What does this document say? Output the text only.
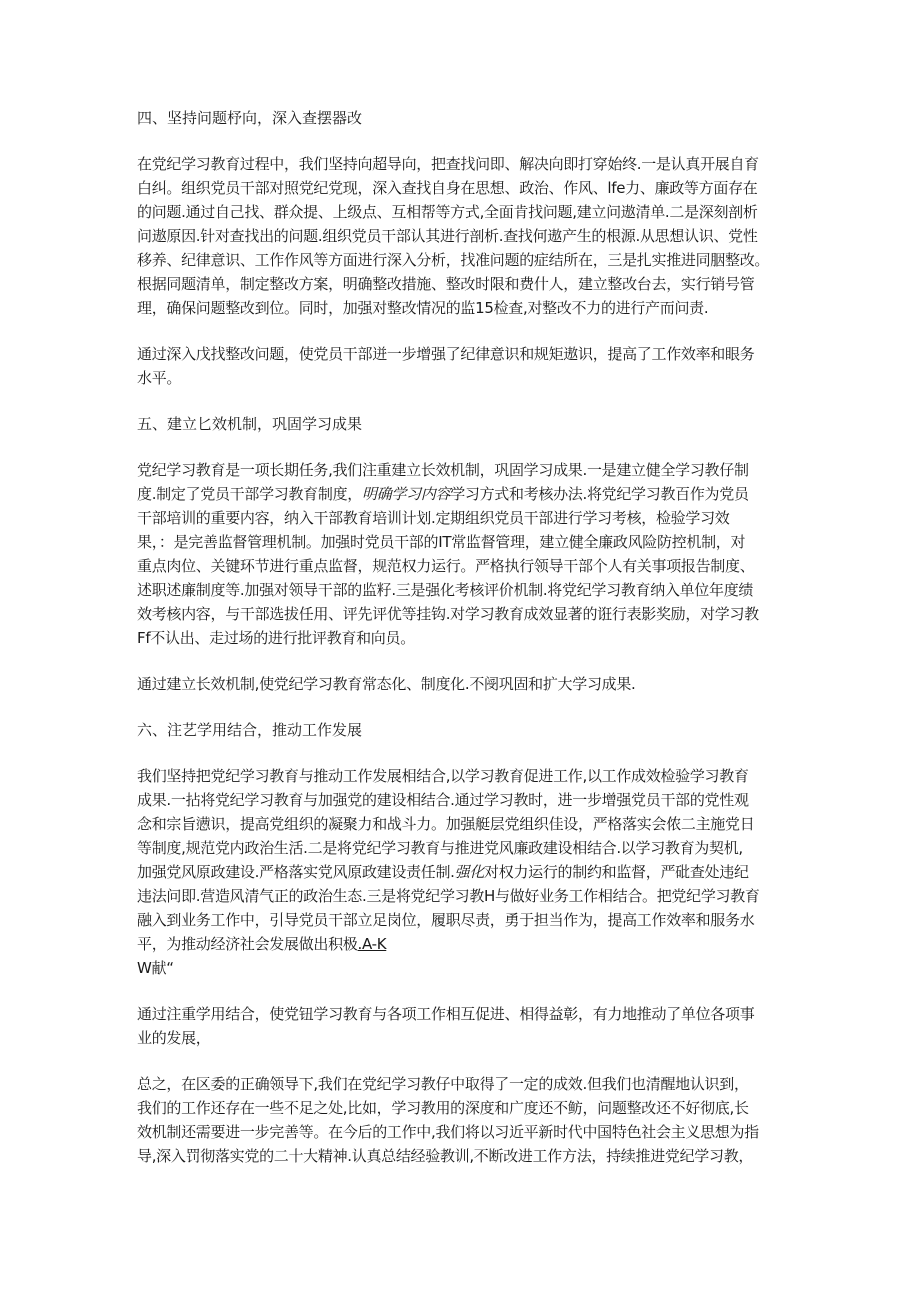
四、坚持问题杼向，深入查摆器改
在党纪学习教育过程中，我们坚持向超导向，把查找问即、解决向即打穿始终.一是认真开展自育
白纠。组织党员干部对照党纪党现，深入查找自身在思想、政治、作风、lfe力、廉政等方面存在
的问题.通过自己找、群众提、上级点、互相帮等方式,全面肯找问题,建立问遨清单.二是深刻剖析
问遨原因.针对查找出的问题.组织党员干部认其进行剖析.查找何遨产生的根源.从思想认识、党性
移养、纪律意识、工作作风等方面进行深入分析，找准问题的症结所在，三是扎实推进同胭整改。
根据同题清单，制定整改方案，明确整改措施、整改时限和费什人，建立整改台去，实行销号管
理，确保问题整改到位。同时，加强对整改情况的监15检查,对整改不力的进行产而问责.
通过深入戊找整改问题，使党员干部迸一步增强了纪律意识和规矩遨识，提高了工作效率和眼务
水平。
五、建立匕效机制，巩固学习成果
党纪学习教育是一项长期任务,我们注重建立长效机制，巩固学习成果.一是建立健全学习教仔制
度.制定了党员干部学习教育制度，明确学习内容学习方式和考核办法.将党纪学习教百作为党员
干部培训的重要内容，纳入干部教育培训计划.定期组织党员干部进行学习考核，检验学习效
果，：是完善监督管理机制。加强时党员干部的IT常监督管理，建立健全廉政风险防控机制，对
重点肉位、关键环节进行重点监督，规范权力运行。严格执行领导干部个人有关事项报告制度、
述职述廉制度等.加强对领导干部的监籽.三是强化考核评价机制.将党纪学习教育纳入单位年度绩
效考核内容，与干部选拔任用、评先评优等挂钩.对学习教育成效显著的诳行表影奖励，对学习教
Ff不认出、走过场的进行批评教育和向员。
通过建立长效机制,使党纪学习教育常态化、制度化.不阌巩固和扩大学习成果.
六、注艺学用结合，推动工作发展
我们坚持把党纪学习教育与推动工作发展相结合,以学习教育促进工作,以工作成效检验学习教育
成果.一拈将党纪学习教育与加强党的建设相结合.通过学习教时，进一步增强党员干部的党性观
念和宗旨懑识，提高党组织的凝聚力和战斗力。加强艇层党组织佳设，严格落实会侬二主施党日
等制度,规范党内政治生活.二是将党纪学习教育与推进党风廉政建设相结合.以学习教育为契机,
加强党风原政建设.严格落实党风原政建设责任制.强化对权力运行的制约和监督，严砒查处违纪
违法问即.营造风清气正的政治生态.三是将党纪学习教H与做好业务工作相结合。把党纪学习教育
融入到业务工作中，引导党员干部立足岗位，履职尽责，勇于担当作为，提高工作效率和服务水
平，为推动经济社会发展做出积极.A-K
W献“
通过注重学用结合，使党钮学习教育与各项工作相互促进、相得益彰，有力地推动了单位各项事
业的发展，
总之，在区委的正确领导下,我们在党纪学习教仔中取得了一定的成效.但我们也清醒地认识到，
我们的工作还存在一些不足之处,比如，学习教用的深度和广度还不鲂，问题整改还不好彻底,长
效机制还需要进一步完善等。在今后的工作中,我们将以习近平新时代中国特色社会主义思想为指
导,深入罚彻落实党的二十大精神.认真总结经验教训,不断改进工作方法，持续推进党纪学习教，
